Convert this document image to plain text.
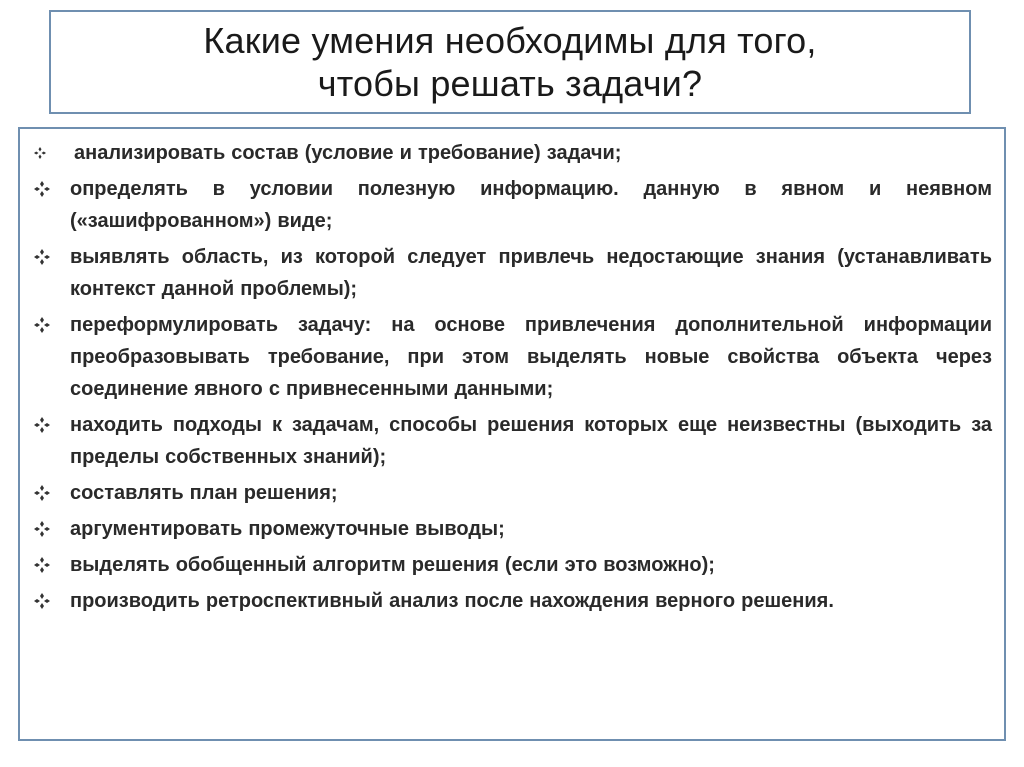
Какие умения необходимы для того,
чтобы решать задачи?
анализировать состав (условие и требование) задачи;
определять в условии полезную информацию. данную в явном и неявном («зашифрованном») виде;
выявлять область, из которой следует привлечь недостающие знания (устанавливать контекст данной проблемы);
переформулировать задачу: на основе привлечения дополнительной информации преобразовывать требование, при этом выделять новые свойства объекта через соединение явного с привнесенными данными;
находить подходы к задачам, способы решения которых еще неизвестны (выходить за пределы собственных знаний);
составлять план решения;
аргументировать промежуточные выводы;
выделять обобщенный алгоритм решения (если это возможно);
производить ретроспективный анализ после нахождения верного решения.
